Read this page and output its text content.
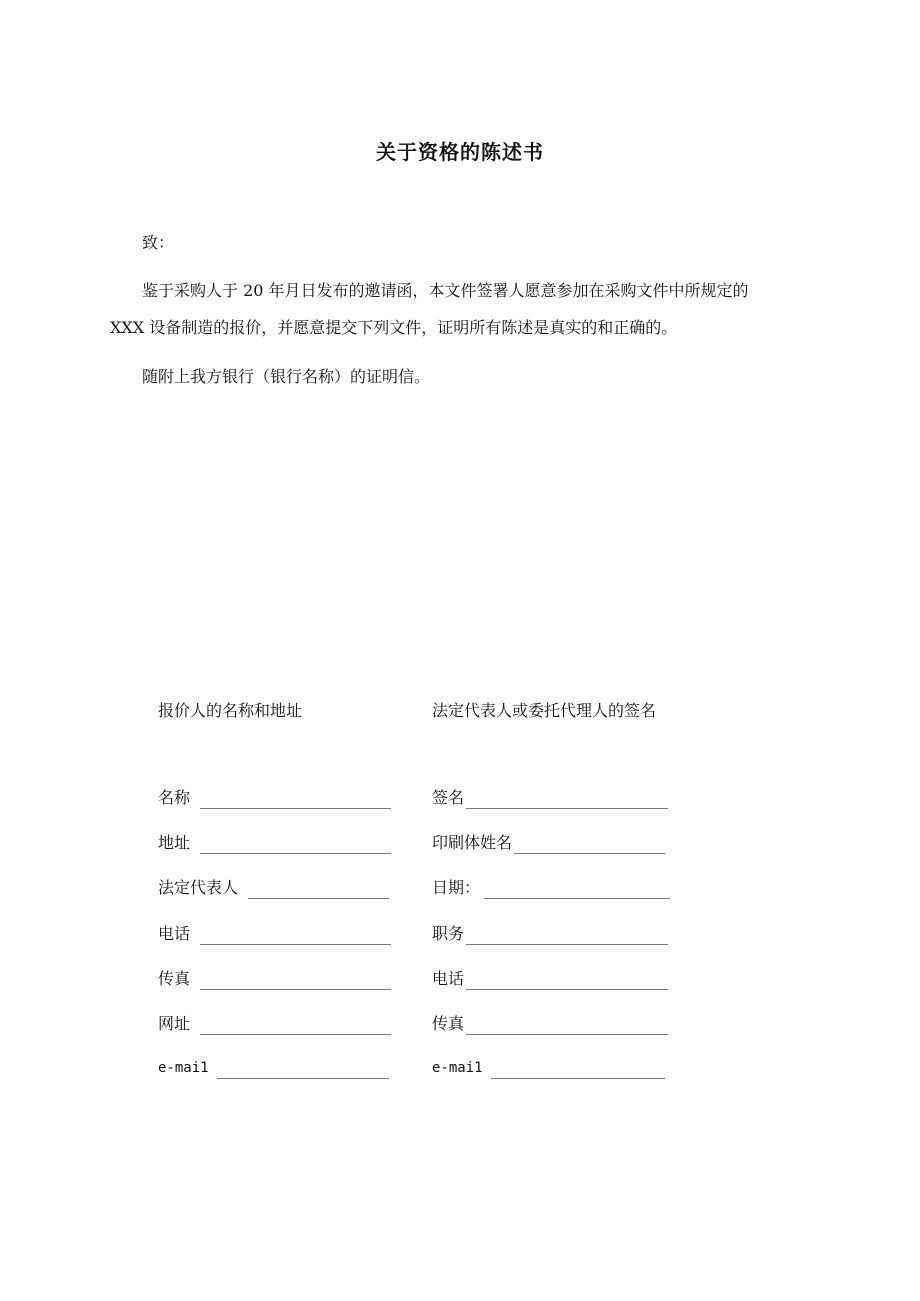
关于资格的陈述书
致：
鉴于采购人于 20 年月日发布的邀请函，本文件签署人愿意参加在采购文件中所规定的
XXX 设备制造的报价，并愿意提交下列文件，证明所有陈述是真实的和正确的。
随附上我方银行（银行名称）的证明信。
报价人的名称和地址	法定代表人或委托代理人的签名
名称
地址
法定代表人
电话
传真
网址
e-mai1
签名
印刷体姓名
日期：
职务
电话
传真
e-mai1
